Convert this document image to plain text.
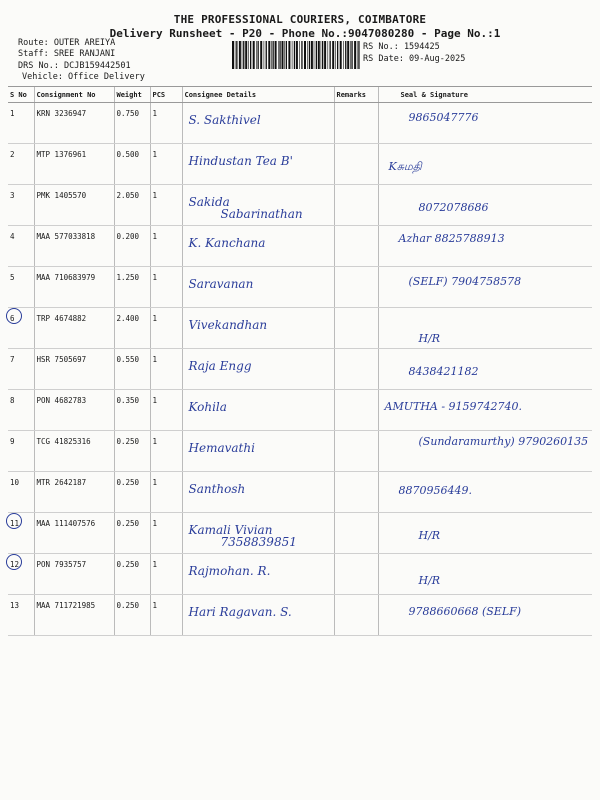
THE PROFESSIONAL COURIERS, COIMBATORE
Delivery Runsheet - P20 - Phone No.:9047080280 - Page No.:1
Route: OUTER AREIYA
Staff: SREE RANJANI
DRS No.: DCJB159442501
Vehicle: Office Delivery
RS No.: 1594425
RS Date: 09-Aug-2025
S No	Consignment No	Weight	PCS	Consignee Details	Remarks	Seal & Signature
1	KRN 3236947	0.750	1	S. Sakthivel		9865047776

2	MTP 1376961	0.500	1	Hindustan Tea B'		Kசுமதி

3	PMK 1405570	2.050	1	Sakida
Sabarinathan		8072078686

4	MAA 577033818	0.200	1	K. Kanchana		Azhar 8825788913

5	MAA 710683979	1.250	1	Saravanan		(SELF) 7904758578

6	TRP 4674882	2.400	1	Vivekandhan		H/R

7	HSR 7505697	0.550	1	Raja Engg		8438421182

8	PON 4682783	0.350	1	Kohila		AMUTHA - 9159742740.

9	TCG 41825316	0.250	1	Hemavathi		(Sundaramurthy) 9790260135

10	MTR 2642187	0.250	1	Santhosh		8870956449.

11	MAA 111407576	0.250	1	Kamali Vivian
7358839851		H/R

12	PON 7935757	0.250	1	Rajmohan. R.		H/R

13	MAA 711721985	0.250	1	Hari Ragavan. S.		9788660668 (SELF)
